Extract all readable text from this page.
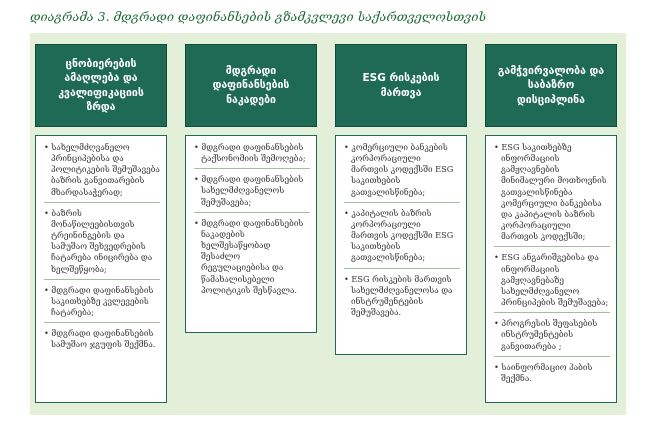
დიაგრამა 3. მდგრადი დაფინანსების გზამკვლევი საქართველოსთვის
ცნობიერების ამაღლება და კვალიფიკაციის ზრდა
• სახელმძღვანელო პრინციპებისა და პოლიტიკების შემუშავება ბაზრის განვითარების მხარდასაჭერად;
• ბაზრის მონაწილეებისთვის ტრეინინგების და სამუშაო შეხვედრების ჩატარება ინიცირება და ხელშეწყობა;
• მდგრადი დაფინანსების საკითხებზე კვლევების ჩატარება;
• მდგრადი დაფინანსების სამუშაო ჯგუფის შექმნა.
მდგრადი დაფინანსების ნაკადები
• მდგრადი დაფინანსების ტაქსონომიის შემოღება;
• მდგრადი დაფინანსების სახელმძღვანელოს შემუშავება;
• მდგრადი დაფინანსების ნაკადების ხელშესაწყობად შესაძლო რეგულაციებისა და წამახალისებელი პოლიტიკის შესწავლა.
ESG რისკების მართვა
• კომერციული ბანკების კორპორაციული მართვის კოდექსში ESG საკითხების გათვალისწინება;
• კაპიტალის ბაზრის კორპორაციული მართვის კოდექსში ESG საკითხების გათვალისწინება;
• ESG რისკების მართვის სახელმძღვანელოსა და ინსტრუმენტების შემუშავება.
გამჭვირვალობა და საბაზრო დისციპლინა
• ESG საკითხებზე ინფორმაციის გამჟღავნების მინიმალური მოთხოვნის გათვალისწინება კომერციული ბანკებისა და კაპიტალის ბაზრის კორპორაციული მართვის კოდექსში;
• ESG ანგარიშგებისა და ინფორმაციის გამჟღავნებაზე სახელმძღვანელო პრინციპების შემუშავება;
• პროგრესის შეფასების ინსტრუმენტების განვითარება ;
• საინფორმაციო ჰაბის შექმნა.
